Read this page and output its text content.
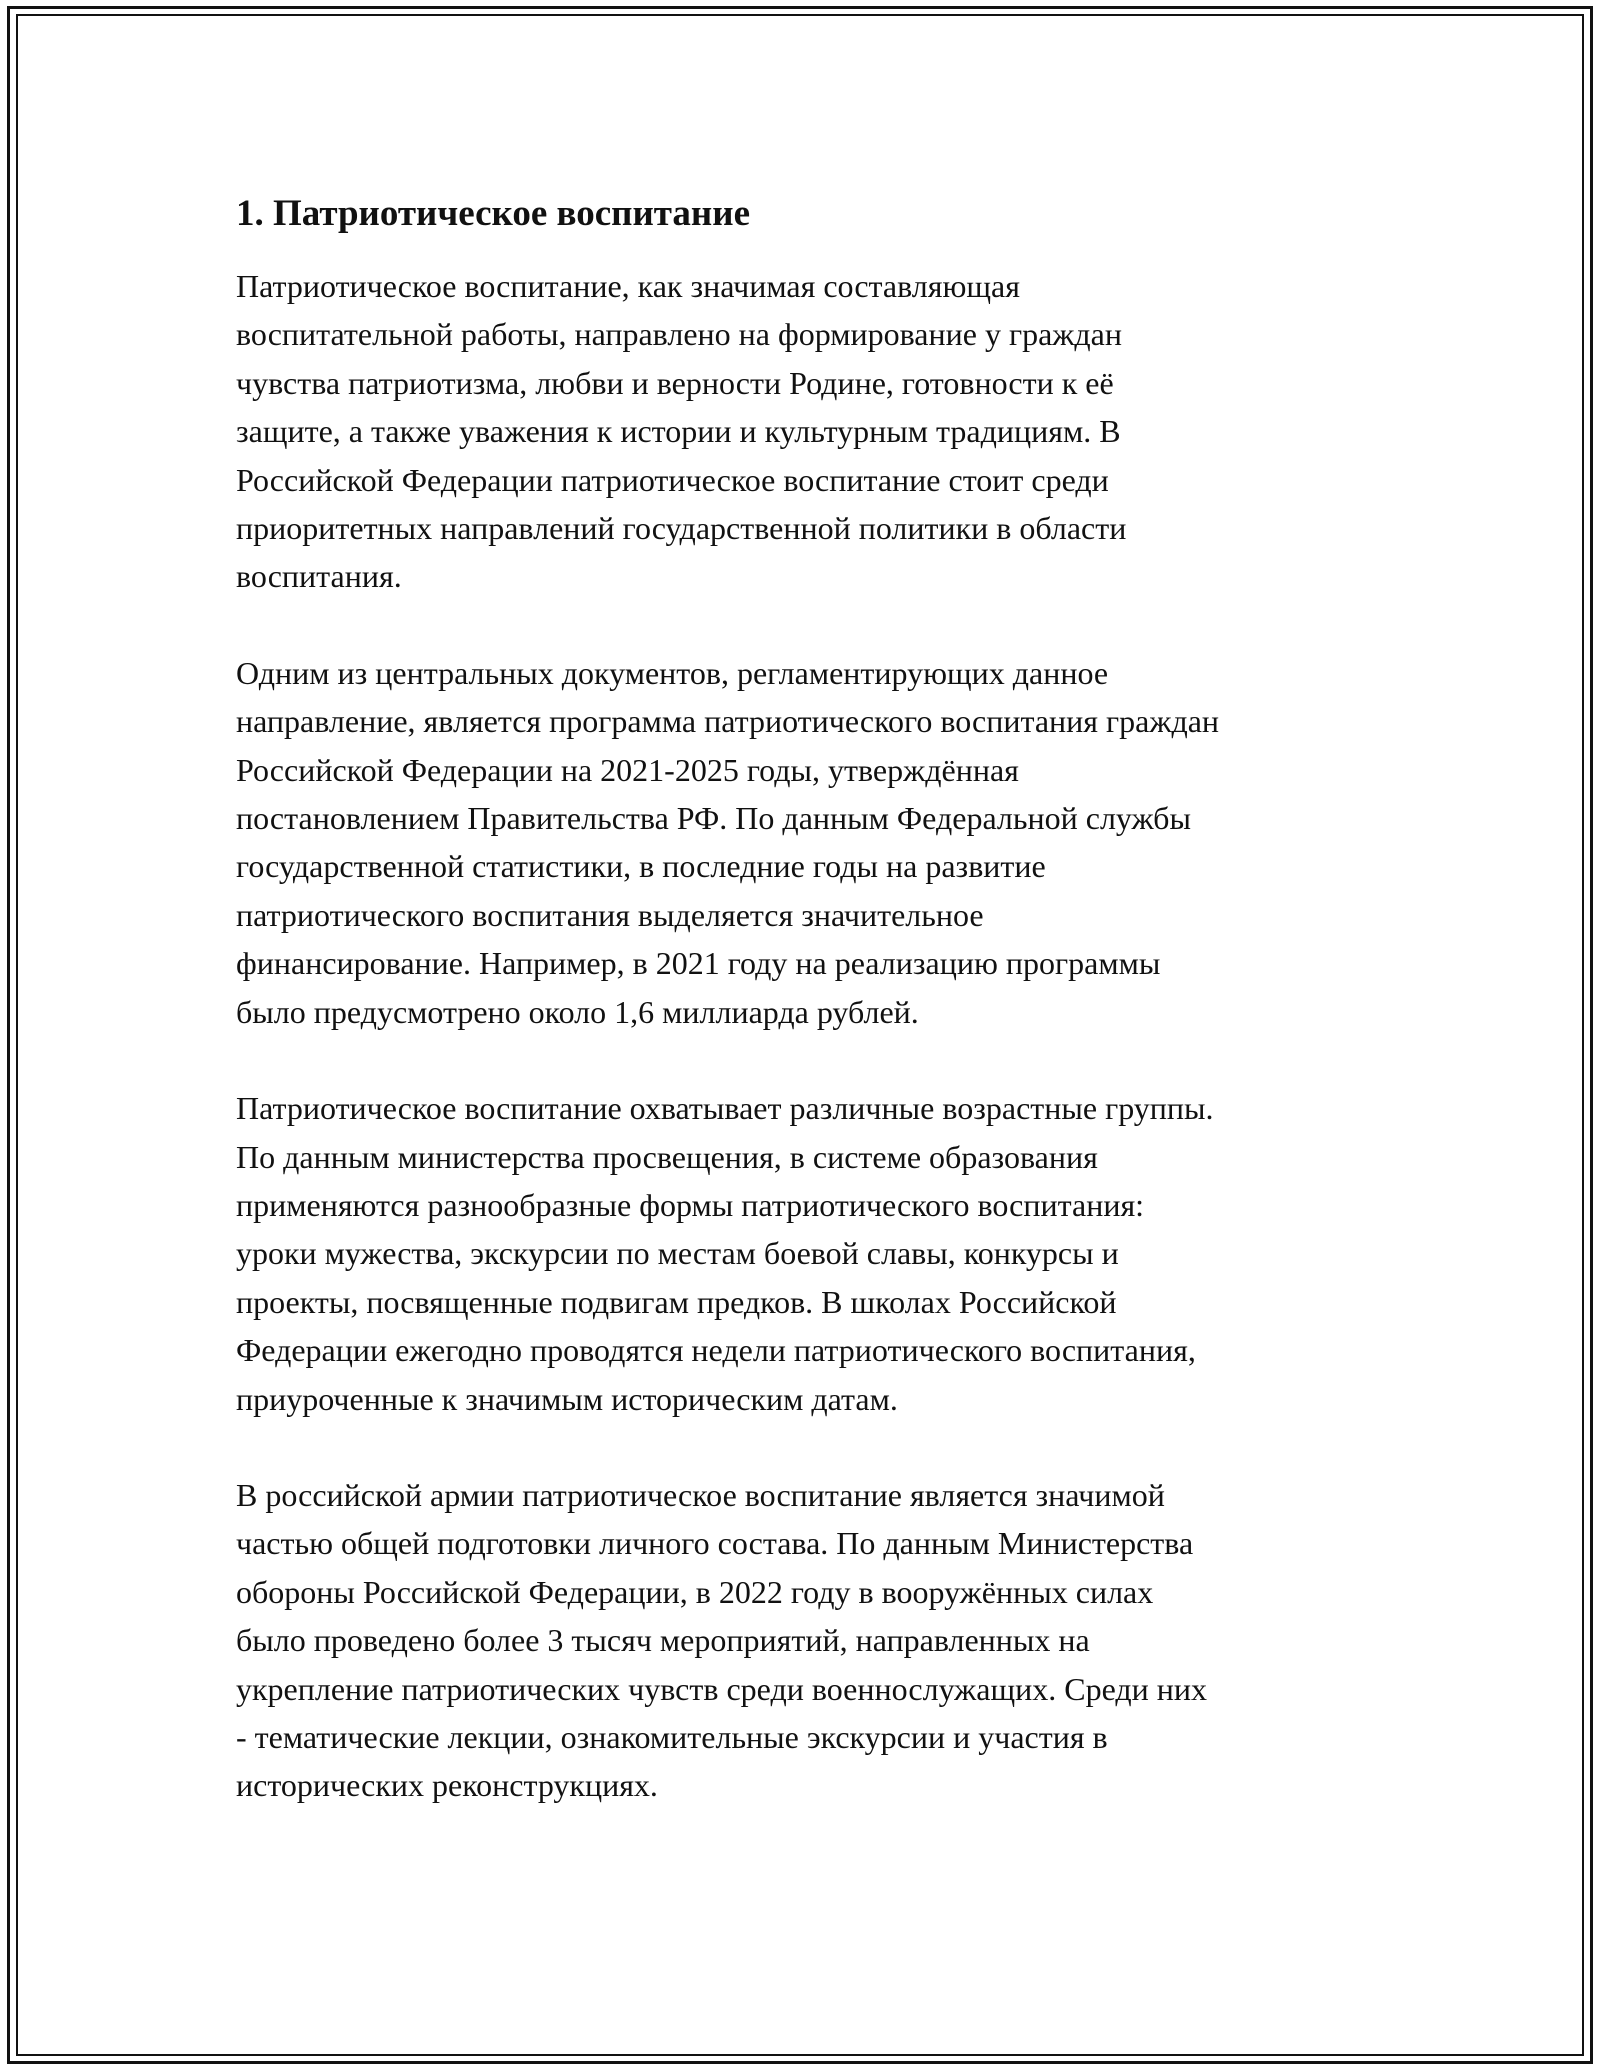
1. Патриотическое воспитание

Патриотическое воспитание, как значимая составляющая
воспитательной работы, направлено на формирование у граждан
чувства патриотизма, любви и верности Родине, готовности к её
защите, а также уважения к истории и культурным традициям. В
Российской Федерации патриотическое воспитание стоит среди
приоритетных направлений государственной политики в области
воспитания.

Одним из центральных документов, регламентирующих данное
направление, является программа патриотического воспитания граждан
Российской Федерации на 2021-2025 годы, утверждённая
постановлением Правительства РФ. По данным Федеральной службы
государственной статистики, в последние годы на развитие
патриотического воспитания выделяется значительное
финансирование. Например, в 2021 году на реализацию программы
было предусмотрено около 1,6 миллиарда рублей.

Патриотическое воспитание охватывает различные возрастные группы.
По данным министерства просвещения, в системе образования
применяются разнообразные формы патриотического воспитания:
уроки мужества, экскурсии по местам боевой славы, конкурсы и
проекты, посвященные подвигам предков. В школах Российской
Федерации ежегодно проводятся недели патриотического воспитания,
приуроченные к значимым историческим датам.

В российской армии патриотическое воспитание является значимой
частью общей подготовки личного состава. По данным Министерства
обороны Российской Федерации, в 2022 году в вооружённых силах
было проведено более 3 тысяч мероприятий, направленных на
укрепление патриотических чувств среди военнослужащих. Среди них
- тематические лекции, ознакомительные экскурсии и участия в
исторических реконструкциях.
